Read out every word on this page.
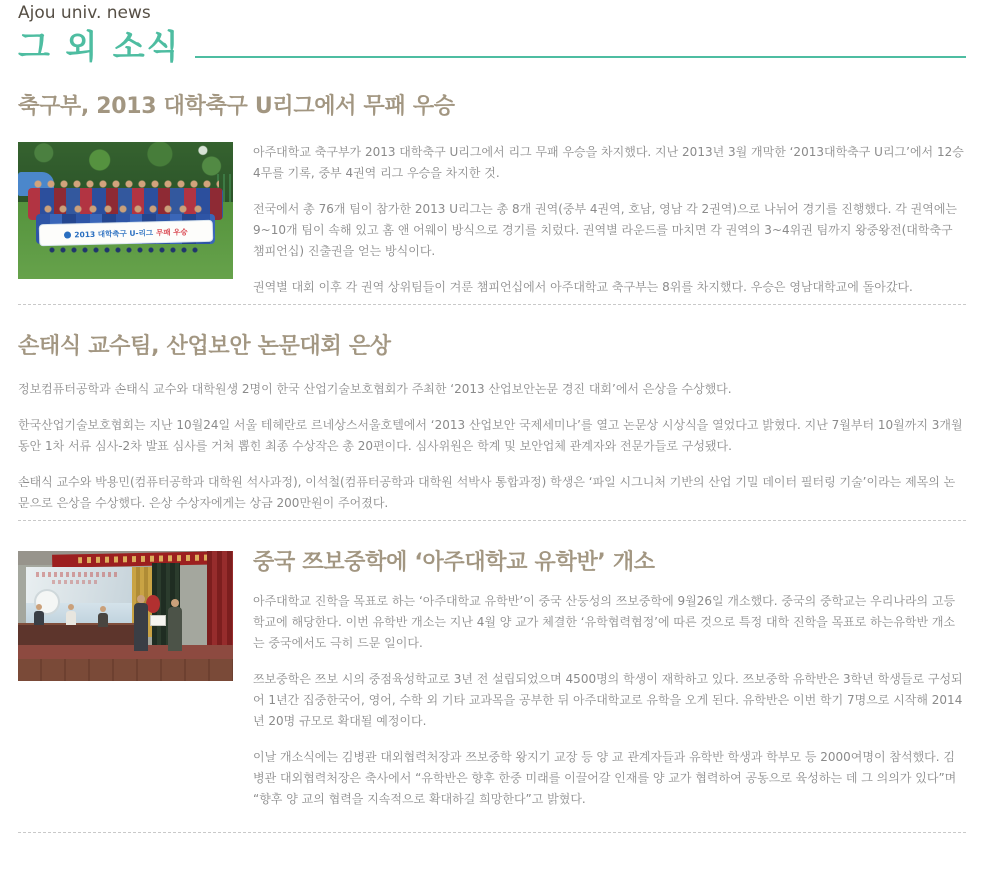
Ajou univ. news
그 외 소식
축구부, 2013 대학축구 U리그에서 무패 우승
2013 대학축구 U-리그 무패 우승

아주대학교 축구부가 2013 대학축구 U리그에서 리그 무패 우승을 차지했다. 지난 2013년 3월 개막한 ‘2013대학축구 U리그’에서 12승4무를 기록, 중부 4권역 리그 우승을 차지한 것.

전국에서 총 76개 팀이 참가한 2013 U리그는 총 8개 권역(중부 4권역, 호남, 영남 각 2권역)으로 나뉘어 경기를 진행했다. 각 권역에는 9~10개 팀이 속해 있고 홈 앤 어웨이 방식으로 경기를 치렀다. 권역별 라운드를 마치면 각 권역의 3~4위권 팀까지 왕중왕전(대학축구 챔피언십) 진출권을 얻는 방식이다.

권역별 대회 이후 각 권역 상위팀들이 겨룬 챔피언십에서 아주대학교 축구부는 8위를 차지했다. 우승은 영남대학교에 돌아갔다.

손태식 교수팀, 산업보안 논문대회 은상

정보컴퓨터공학과 손태식 교수와 대학원생 2명이 한국 산업기술보호협회가 주최한 ‘2013 산업보안논문 경진 대회’에서 은상을 수상했다.

한국산업기술보호협회는 지난 10월24일 서울 테헤란로 르네상스서울호텔에서 ‘2013 산업보안 국제세미나’를 열고 논문상 시상식을 열었다고 밝혔다. 지난 7월부터 10월까지 3개월 동안 1차 서류 심사-2차 발표 심사를 거쳐 뽑힌 최종 수상작은 총 20편이다. 심사위원은 학계 및 보안업체 관계자와 전문가들로 구성됐다.

손태식 교수와 박용민(컴퓨터공학과 대학원 석사과정), 이석철(컴퓨터공학과 대학원 석박사 통합과정) 학생은 ‘파일 시그니처 기반의 산업 기밀 데이터 필터링 기술’이라는 제목의 논문으로 은상을 수상했다. 은상 수상자에게는 상금 200만원이 주어졌다.

중국 쯔보중학에 ‘아주대학교 유학반’ 개소

아주대학교 진학을 목표로 하는 ‘아주대학교 유학반’이 중국 산둥성의 쯔보중학에 9월26일 개소했다. 중국의 중학교는 우리나라의 고등학교에 해당한다. 이번 유학반 개소는 지난 4월 양 교가 체결한 ‘유학협력협정’에 따른 것으로 특정 대학 진학을 목표로 하는유학반 개소는 중국에서도 극히 드문 일이다.

쯔보중학은 쯔보 시의 중점육성학교로 3년 전 설립되었으며 4500명의 학생이 재학하고 있다. 쯔보중학 유학반은 3학년 학생들로 구성되어 1년간 집중한국어, 영어, 수학 외 기타 교과목을 공부한 뒤 아주대학교로 유학을 오게 된다. 유학반은 이번 학기 7명으로 시작해 2014년 20명 규모로 확대될 예정이다.

이날 개소식에는 김병관 대외협력처장과 쯔보중학 왕지기 교장 등 양 교 관계자들과 유학반 학생과 학부모 등 2000여명이 참석했다. 김병관 대외협력처장은 축사에서 “유학반은 향후 한중 미래를 이끌어갈 인재를 양 교가 협력하여 공동으로 육성하는 데 그 의의가 있다”며 “향후 양 교의 협력을 지속적으로 확대하길 희망한다”고 밝혔다.
